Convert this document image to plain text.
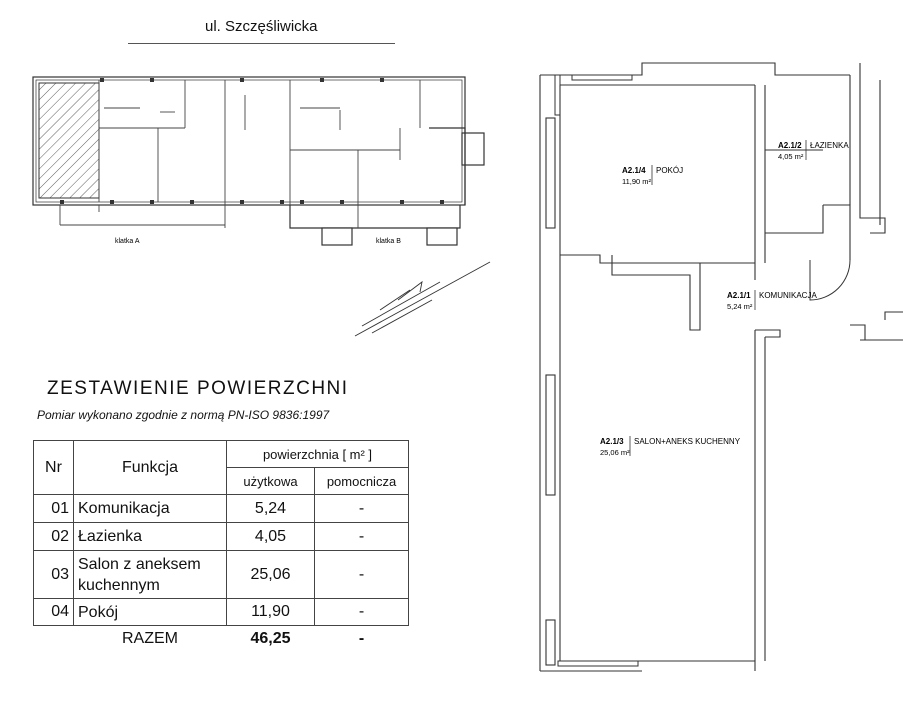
ul. Szczęśliwicka
klatka A	klatka B
ZESTAWIENIE POWIERZCHNI
Pomiar wykonano zgodnie z normą PN-ISO 9836:1997
Nr	Funkcja	powierzchnia [ m² ]	
		użytkowa	pomocnicza
01	Komunikacja	5,24	-
02	Łazienka	4,05	-
03	Salon z aneksem kuchennym	25,06	-
04	Pokój	11,90	-
	RAZEM	46,25	-
A2.1/4 POKÓJ
11,90 m²
A2.1/2 ŁAZIENKA
4,05 m²
A2.1/1 KOMUNIKACJA
5,24 m²
A2.1/3 SALON+ANEKS KUCHENNY
25,06 m²
